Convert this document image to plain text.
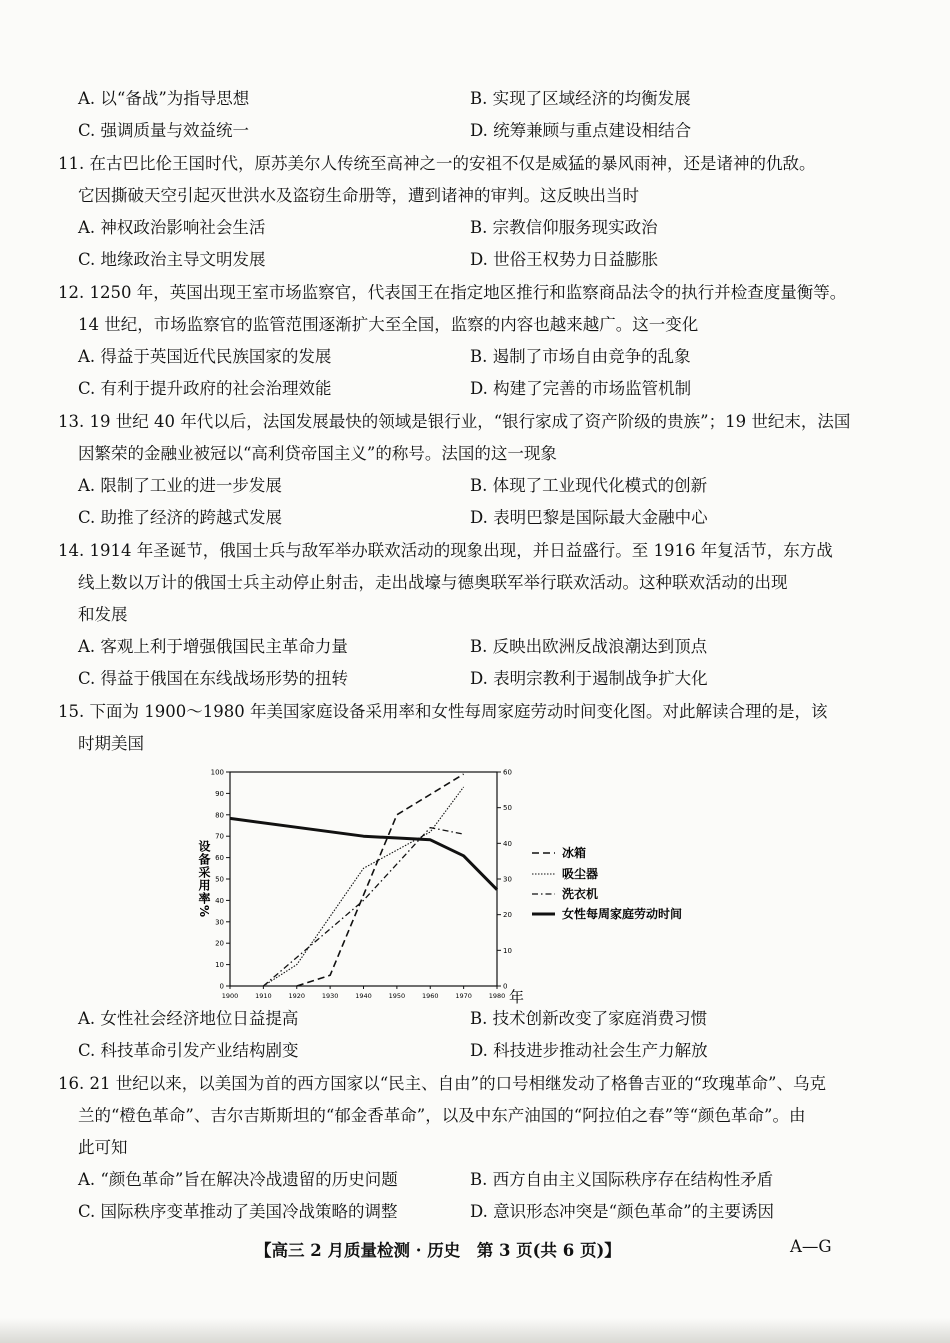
A. 以“备战”为指导思想	B. 实现了区域经济的均衡发展
C. 强调质量与效益统一	D. 统筹兼顾与重点建设相结合
11. 在古巴比伦王国时代，原苏美尔人传统至高神之一的安祖不仅是威猛的暴风雨神，还是诸神的仇敌。
它因撕破天空引起灭世洪水及盗窃生命册等，遭到诸神的审判。这反映出当时
A. 神权政治影响社会生活	B. 宗教信仰服务现实政治
C. 地缘政治主导文明发展	D. 世俗王权势力日益膨胀
12. 1250 年，英国出现王室市场监察官，代表国王在指定地区推行和监察商品法令的执行并检查度量衡等。
14 世纪，市场监察官的监管范围逐渐扩大至全国，监察的内容也越来越广。这一变化
A. 得益于英国近代民族国家的发展	B. 遏制了市场自由竞争的乱象
C. 有利于提升政府的社会治理效能	D. 构建了完善的市场监管机制
13. 19 世纪 40 年代以后，法国发展最快的领域是银行业，“银行家成了资产阶级的贵族”；19 世纪末，法国
因繁荣的金融业被冠以“高利贷帝国主义”的称号。法国的这一现象
A. 限制了工业的进一步发展	B. 体现了工业现代化模式的创新
C. 助推了经济的跨越式发展	D. 表明巴黎是国际最大金融中心
14. 1914 年圣诞节，俄国士兵与敌军举办联欢活动的现象出现，并日益盛行。至 1916 年复活节，东方战
线上数以万计的俄国士兵主动停止射击，走出战壕与德奥联军举行联欢活动。这种联欢活动的出现
和发展
A. 客观上利于增强俄国民主革命力量	B. 反映出欧洲反战浪潮达到顶点
C. 得益于俄国在东线战场形势的扭转	D. 表明宗教利于遏制战争扩大化
15. 下面为 1900～1980 年美国家庭设备采用率和女性每周家庭劳动时间变化图。对此解读合理的是，该
时期美国
0
10
20
30
40
50
60
70
80
90
100
0
10
20
30
40
50
60
1900	1910	1920	1930	1940	1950	1960	1970	1980 年
设备采用率%	冰箱
吸尘器
洗衣机
女性每周家庭劳动时间
A. 女性社会经济地位日益提高	B. 技术创新改变了家庭消费习惯
C. 科技革命引发产业结构剧变	D. 科技进步推动社会生产力解放
16. 21 世纪以来，以美国为首的西方国家以“民主、自由”的口号相继发动了格鲁吉亚的“玫瑰革命”、乌克
兰的“橙色革命”、吉尔吉斯斯坦的“郁金香革命”，以及中东产油国的“阿拉伯之春”等“颜色革命”。由
此可知
A. “颜色革命”旨在解决冷战遗留的历史问题	B. 西方自由主义国际秩序存在结构性矛盾
C. 国际秩序变革推动了美国冷战策略的调整	D. 意识形态冲突是“颜色革命”的主要诱因
【高三 2 月质量检测 · 历史　第 3 页(共 6 页)】	A—G
